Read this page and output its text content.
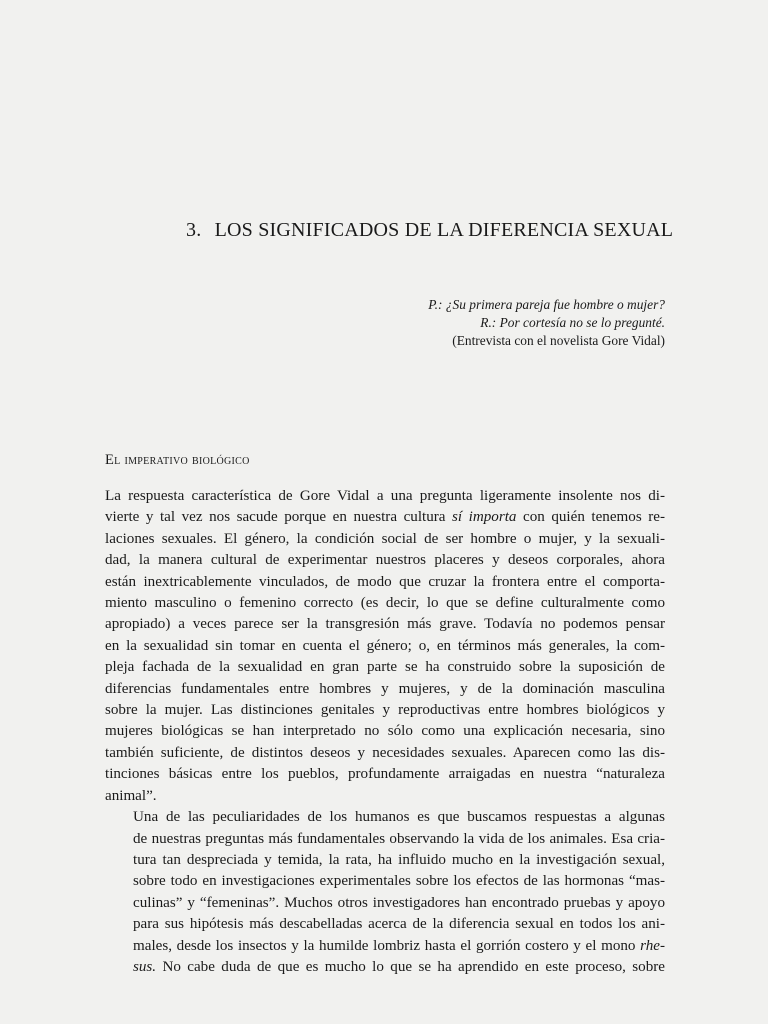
3. LOS SIGNIFICADOS DE LA DIFERENCIA SEXUAL
P.: ¿Su primera pareja fue hombre o mujer?
R.: Por cortesía no se lo pregunté.
(Entrevista con el novelista Gore Vidal)
El imperativo biológico

La respuesta característica de Gore Vidal a una pregunta ligeramente insolente nos di-
vierte y tal vez nos sacude porque en nuestra cultura sí importa con quién tenemos re-
laciones sexuales. El género, la condición social de ser hombre o mujer, y la sexuali-
dad, la manera cultural de experimentar nuestros placeres y deseos corporales, ahora
están inextricablemente vinculados, de modo que cruzar la frontera entre el comporta-
miento masculino o femenino correcto (es decir, lo que se define culturalmente como
apropiado) a veces parece ser la transgresión más grave. Todavía no podemos pensar
en la sexualidad sin tomar en cuenta el género; o, en términos más generales, la com-
pleja fachada de la sexualidad en gran parte se ha construido sobre la suposición de
diferencias fundamentales entre hombres y mujeres, y de la dominación masculina
sobre la mujer. Las distinciones genitales y reproductivas entre hombres biológicos y
mujeres biológicas se han interpretado no sólo como una explicación necesaria, sino
también suficiente, de distintos deseos y necesidades sexuales. Aparecen como las dis-
tinciones básicas entre los pueblos, profundamente arraigadas en nuestra “naturaleza
animal”.

Una de las peculiaridades de los humanos es que buscamos respuestas a algunas
de nuestras preguntas más fundamentales observando la vida de los animales. Esa cria-
tura tan despreciada y temida, la rata, ha influido mucho en la investigación sexual,
sobre todo en investigaciones experimentales sobre los efectos de las hormonas “mas-
culinas” y “femeninas”. Muchos otros investigadores han encontrado pruebas y apoyo
para sus hipótesis más descabelladas acerca de la diferencia sexual en todos los ani-
males, desde los insectos y la humilde lombriz hasta el gorrión costero y el mono rhe-
sus. No cabe duda de que es mucho lo que se ha aprendido en este proceso, sobre
